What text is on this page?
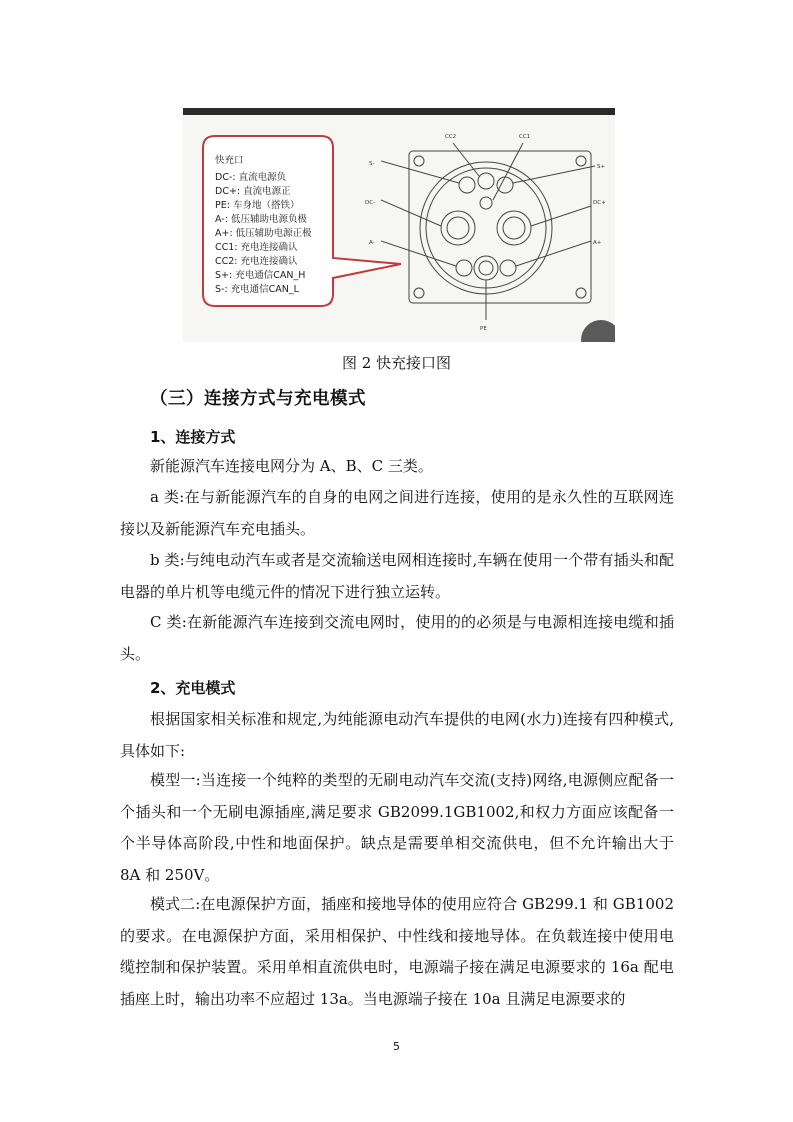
快充口
DC-: 直流电源负
DC+: 直流电源正
PE: 车身地（搭铁）
A-: 低压辅助电源负极
A+: 低压辅助电源正极
CC1: 充电连接确认
CC2: 充电连接确认
S+: 充电通信CAN_H
S-: 充电通信CAN_L
CC2	CC1
S-	S+
DC-	DC+
A-	A+
PE
图 2 快充接口图
（三）连接方式与充电模式
1、连接方式

新能源汽车连接电网分为 A、B、C 三类。

a 类:在与新能源汽车的自身的电网之间进行连接，使用的是永久性的互联网连接以及新能源汽车充电插头。

b 类:与纯电动汽车或者是交流输送电网相连接时,车辆在使用一个带有插头和配电器的单片机等电缆元件的情况下进行独立运转。

C 类:在新能源汽车连接到交流电网时，使用的的必须是与电源相连接电缆和插头。

2、充电模式

根据国家相关标准和规定,为纯能源电动汽车提供的电网(水力)连接有四种模式,具体如下:

模型一:当连接一个纯粹的类型的无刷电动汽车交流(支持)网络,电源侧应配备一个插头和一个无刷电源插座,满足要求 GB2099.1GB1002,和权力方面应该配备一个半导体高阶段,中性和地面保护。缺点是需要单相交流供电，但不允许输出大于 8A 和 250V。

模式二:在电源保护方面，插座和接地导体的使用应符合 GB299.1 和 GB1002 的要求。在电源保护方面，采用相保护、中性线和接地导体。在负载连接中使用电缆控制和保护装置。采用单相直流供电时，电源端子接在满足电源要求的 16a 配电插座上时，输出功率不应超过 13a。当电源端子接在 10a 且满足电源要求的

5
